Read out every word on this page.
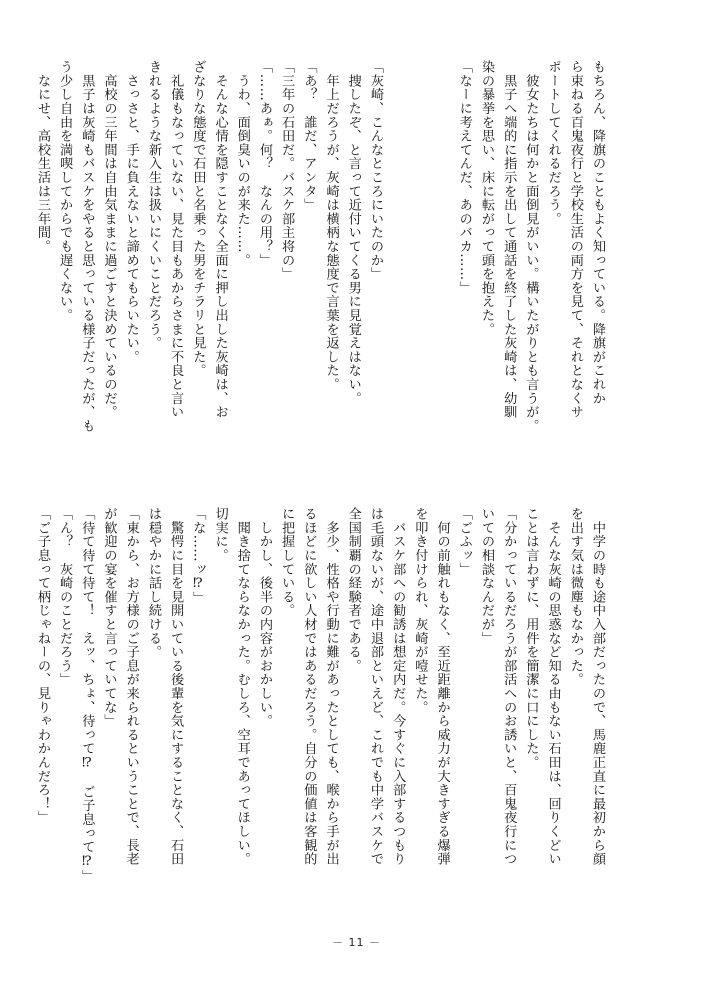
もちろん、降旗のこともよく知っている。降旗がこれか

ら束ねる百鬼夜行と学校生活の両方を見て、それとなくサ

ポートしてくれるだろう。

　彼女たちは何かと面倒見がいい。構いたがりとも言うが。

　黒子へ端的に指示を出して通話を終了した灰崎は、幼馴

染の暴挙を思い、床に転がって頭を抱えた。

「なーに考えてんだ、あのバカ……」

「灰崎、こんなところにいたのか」

　捜したぞ、と言って近付いてくる男に見覚えはない。

　年上だろうが、灰崎は横柄な態度で言葉を返した。

「あ？　誰だ、アンタ」

「三年の石田だ。バスケ部主将の」

「……あぁ。何？　なんの用？」

　うわ、面倒臭いのが来た……。

　そんな心情を隠すことなく全面に押し出した灰崎は、お

ざなりな態度で石田と名乗った男をチラリと見た。

　礼儀もなっていない、見た目もあからさまに不良と言い

きれるような新入生は扱いにくいことだろう。

　さっさと、手に負えないと諦めてもらいたい。

　高校の三年間は自由気ままに過ごすと決めているのだ。

　黒子は灰崎もバスケをやると思っている様子だったが、も

う少し自由を満喫してからでも遅くない。

　なにせ、高校生活は三年間。

　中学の時も途中入部だったので、馬鹿正直に最初から顔

を出す気は微塵もなかった。

　そんな灰崎の思惑など知る由もない石田は、回りくどい

ことは言わずに、用件を簡潔に口にした。

「分かっているだろうが部活へのお誘いと、百鬼夜行につ

いての相談なんだが」

「ごふッ」

　何の前触れもなく、至近距離から威力が大きすぎる爆弾

を叩き付けられ、灰崎が噎せた。

　バスケ部への勧誘は想定内だ。今すぐに入部するつもり

は毛頭ないが、途中退部といえど、これでも中学バスケで

全国制覇の経験者である。

　多少、性格や行動に難があったとしても、喉から手が出

るほどに欲しい人材ではあるだろう。自分の価値は客観的

に把握している。

　しかし、後半の内容がおかしい。

　聞き捨てならなかった。むしろ、空耳であってほしい。

切実に。

「な……ッ⁉」

　驚愕に目を見開いている後輩を気にすることなく、石田

は穏やかに話し続ける。

「東から、お方様のご子息が来られるということで、長老

が歓迎の宴を催すと言っていてな」

「待て待て待て！　えッ、ちょ、待って⁉　ご子息って⁉」

「ん？　灰崎のことだろう」

「ご子息って柄じゃねーの、見りゃわかんだろ！」

－ 11 －
